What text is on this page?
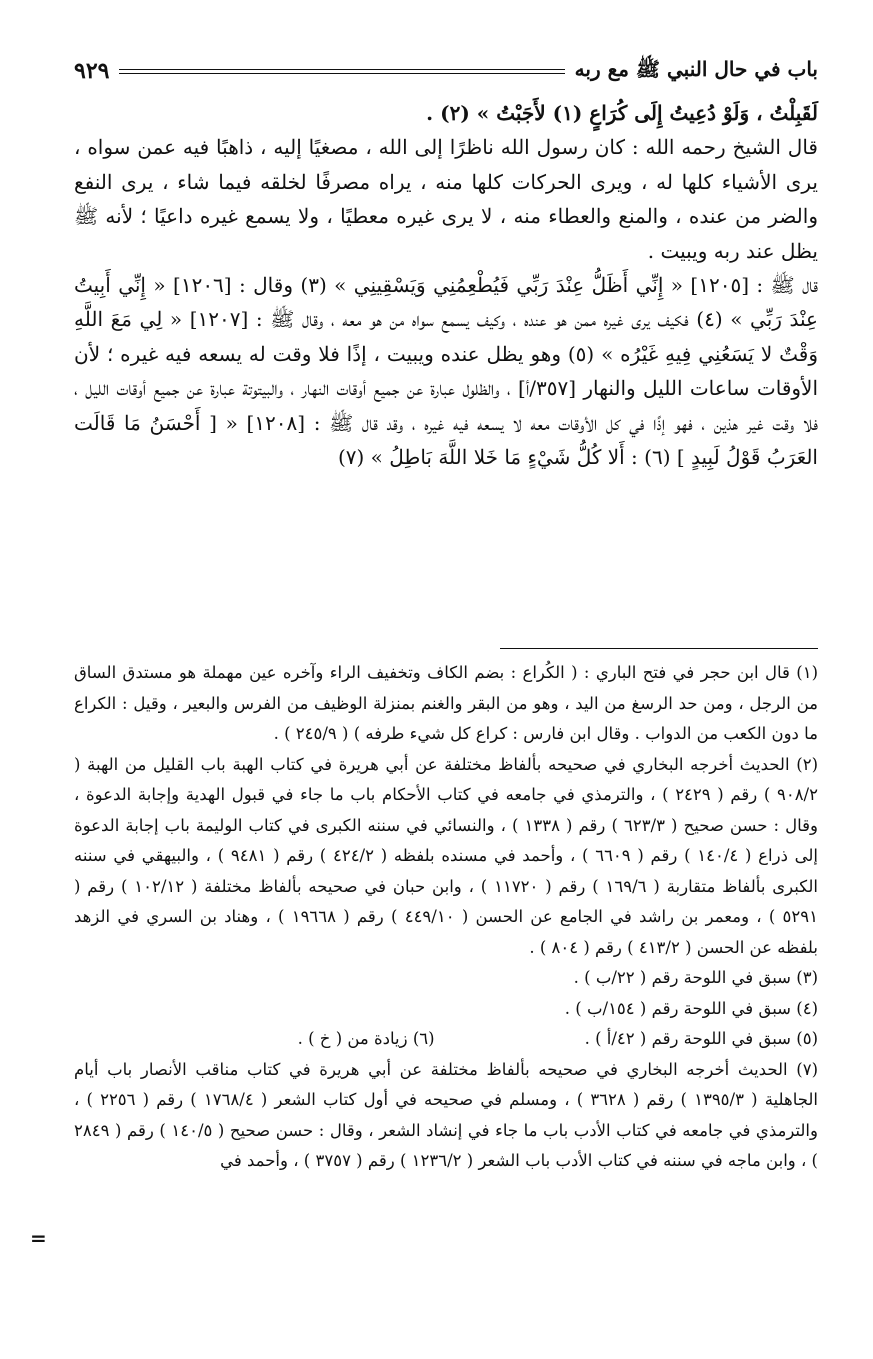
باب في حال النبي ﷺ مع ربه
٩٢٩

لَقَبِلْتُ ، وَلَوْ دُعِيتُ إِلَى كُرَاعٍ (١) لأَجَبْتُ » (٢) .

قال الشيخ رحمه الله : كان رسول الله ناظرًا إلى الله ، مصغيًا إليه ، ذاهبًا فيه عمن سواه ، يرى الأشياء كلها له ، ويرى الحركات كلها منه ، يراه مصرفًا لخلقه فيما شاء ، يرى النفع والضر من عنده ، والمنع والعطاء منه ، لا يرى غيره معطيًا ، ولا يسمع غيره داعيًا ؛ لأنه ﷺ يظل عند ربه ويبيت .

قال ﷺ : [١٢٠٥] « إِنِّي أَظَلُّ عِنْدَ رَبِّي فَيُطْعِمُنِي وَيَسْقِينِي » (٣) وقال : [١٢٠٦] « إِنِّي أَبِيتُ عِنْدَ رَبِّي » (٤) فكيف يرى غيره ممن هو عنده ، وكيف يسمع سواه من هو معه ، وقال ﷺ : [١٢٠٧] « لِي مَعَ اللَّهِ وَقْتٌ لا يَسَعُنِي فِيهِ غَيْرُه » (٥) وهو يظل عنده ويبيت ، إذًا فلا وقت له يسعه فيه غيره ؛ لأن الأوقات ساعات الليل والنهار [٣٥٧/أ] ، والظلول عبارة عن جميع أوقات النهار ، والبيتوتة عبارة عن جميع أوقات الليل ، فلا وقت غير هذين ، فهو إذًا في كل الأوقات معه لا يسعه فيه غيره ، وقد قال ﷺ : [١٢٠٨] « [ أَحْسَنُ مَا قَالَت العَرَبُ قَوْلُ لَبِيدٍ ] (٦) : أَلا كُلُّ شَيْءٍ مَا خَلا اللَّهَ بَاطِلُ » (٧)

(١) قال ابن حجر في فتح الباري : ( الكُراع : بضم الكاف وتخفيف الراء وآخره عين مهملة هو مستدق الساق من الرجل ، ومن حد الرسغ من اليد ، وهو من البقر والغنم بمنزلة الوظيف من الفرس والبعير ، وقيل : الكراع ما دون الكعب من الدواب . وقال ابن فارس : كراع كل شيء طرفه ) ( ٢٤٥/٩ ) .

(٢) الحديث أخرجه البخاري في صحيحه بألفاظ مختلفة عن أبي هريرة في كتاب الهبة باب القليل من الهبة ( ٩٠٨/٢ ) رقم ( ٢٤٢٩ ) ، والترمذي في جامعه في كتاب الأحكام باب ما جاء في قبول الهدية وإجابة الدعوة ، وقال : حسن صحيح ( ٦٢٣/٣ ) رقم ( ١٣٣٨ ) ، والنسائي في سننه الكبرى في كتاب الوليمة باب إجابة الدعوة إلى ذراع ( ١٤٠/٤ ) رقم ( ٦٦٠٩ ) ، وأحمد في مسنده بلفظه ( ٤٢٤/٢ ) رقم ( ٩٤٨١ ) ، والبيهقي في سننه الكبرى بألفاظ متقاربة ( ١٦٩/٦ ) رقم ( ١١٧٢٠ ) ، وابن حبان في صحيحه بألفاظ مختلفة ( ١٠٢/١٢ ) رقم ( ٥٢٩١ ) ، ومعمر بن راشد في الجامع عن الحسن ( ٤٤٩/١٠ ) رقم ( ١٩٦٦٨ ) ، وهناد بن السري في الزهد بلفظه عن الحسن ( ٤١٣/٢ ) رقم ( ٨٠٤ ) .

(٣) سبق في اللوحة رقم ( ٢٢/ب ) .

(٤) سبق في اللوحة رقم ( ١٥٤/ب ) .

(٥) سبق في اللوحة رقم ( ٤٢/أ ) .

(٦) زيادة من ( خ ) .

(٧) الحديث أخرجه البخاري في صحيحه بألفاظ مختلفة عن أبي هريرة في كتاب مناقب الأنصار باب أيام الجاهلية ( ١٣٩٥/٣ ) رقم ( ٣٦٢٨ ) ، ومسلم في صحيحه في أول كتاب الشعر ( ١٧٦٨/٤ ) رقم ( ٢٢٥٦ ) ، والترمذي في جامعه في كتاب الأدب باب ما جاء في إنشاد الشعر ، وقال : حسن صحيح ( ١٤٠/٥ ) رقم ( ٢٨٤٩ ) ، وابن ماجه في سننه في كتاب الأدب باب الشعر ( ١٢٣٦/٢ ) رقم ( ٣٧٥٧ ) ، وأحمد في

=
